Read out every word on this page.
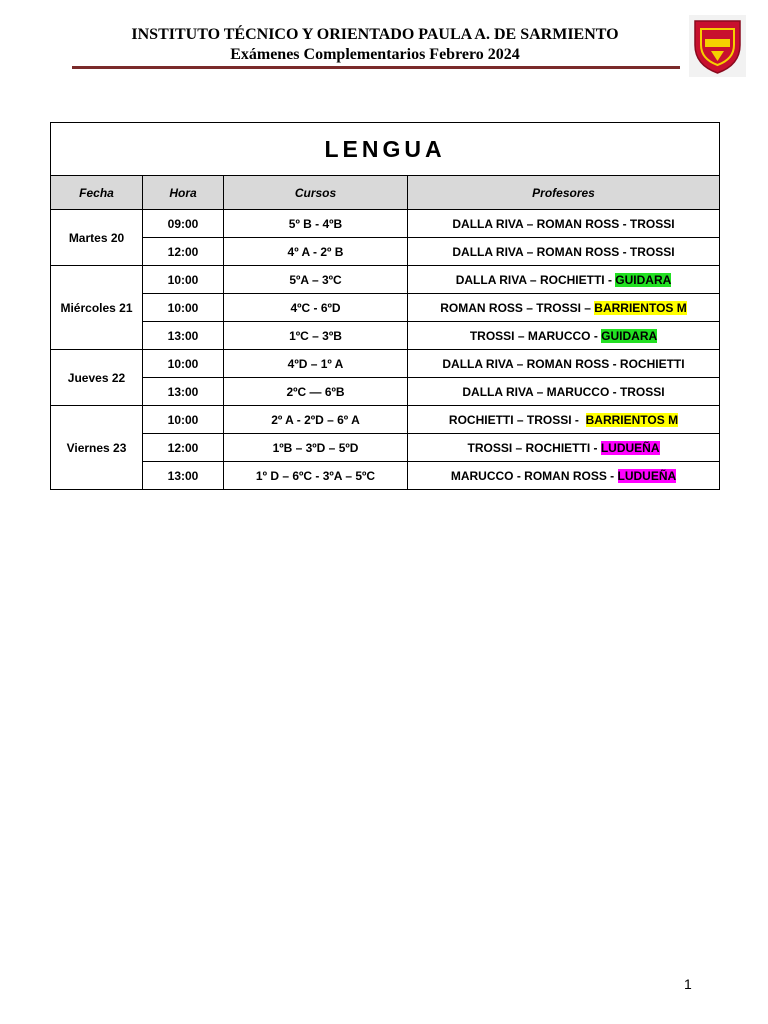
INSTITUTO TÉCNICO Y ORIENTADO PAULA A. DE SARMIENTO
Exámenes Complementarios Febrero 2024
LENGUA			
Fecha	Hora	Cursos	Profesores
Martes 20	09:00	5º B - 4ºB	DALLA RIVA – ROMAN ROSS - TROSSI
	12:00	4º A - 2º B	DALLA RIVA – ROMAN ROSS - TROSSI
Miércoles 21	10:00	5ºA – 3ºC	DALLA RIVA – ROCHIETTI - GUIDARA
	10:00	4ºC - 6ºD	ROMAN ROSS – TROSSI – BARRIENTOS M
	13:00	1ºC – 3ºB	TROSSI – MARUCCO - GUIDARA
Jueves 22	10:00	4ºD – 1º A	DALLA RIVA – ROMAN ROSS - ROCHIETTI
	13:00	2ºC — 6ºB	DALLA RIVA – MARUCCO - TROSSI
Viernes 23	10:00	2º A - 2ºD – 6º A	ROCHIETTI – TROSSI -  BARRIENTOS M
	12:00	1ºB – 3ºD – 5ºD	TROSSI – ROCHIETTI - LUDUEÑA
	13:00	1º D – 6ºC - 3ºA – 5ºC	MARUCCO - ROMAN ROSS - LUDUEÑA
1
